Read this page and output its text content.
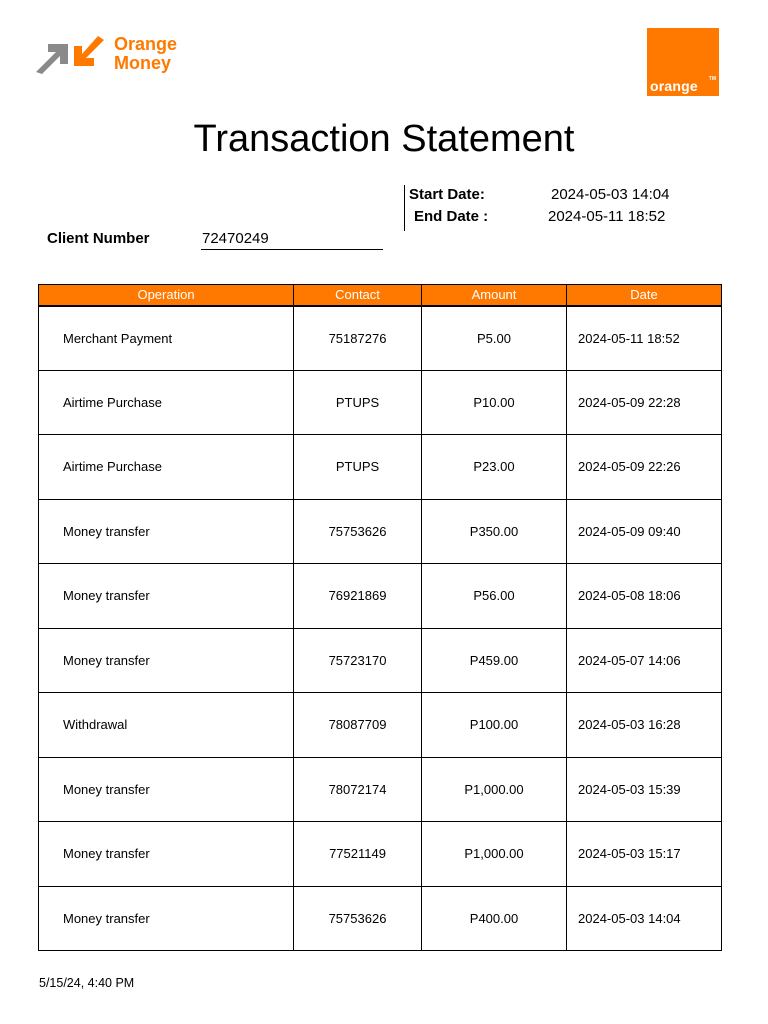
Orange
Money
orange TM
Transaction Statement
Start Date:	2024-05-03 14:04
End Date :	2024-05-11 18:52
Client Number	72470249
Operation	Contact	Amount	Date
Merchant Payment	75187276	P5.00	2024-05-11 18:52
Airtime Purchase	PTUPS	P10.00	2024-05-09 22:28
Airtime Purchase	PTUPS	P23.00	2024-05-09 22:26
Money transfer	75753626	P350.00	2024-05-09 09:40
Money transfer	76921869	P56.00	2024-05-08 18:06
Money transfer	75723170	P459.00	2024-05-07 14:06
Withdrawal	78087709	P100.00	2024-05-03 16:28
Money transfer	78072174	P1,000.00	2024-05-03 15:39
Money transfer	77521149	P1,000.00	2024-05-03 15:17
Money transfer	75753626	P400.00	2024-05-03 14:04
5/15/24, 4:40 PM
